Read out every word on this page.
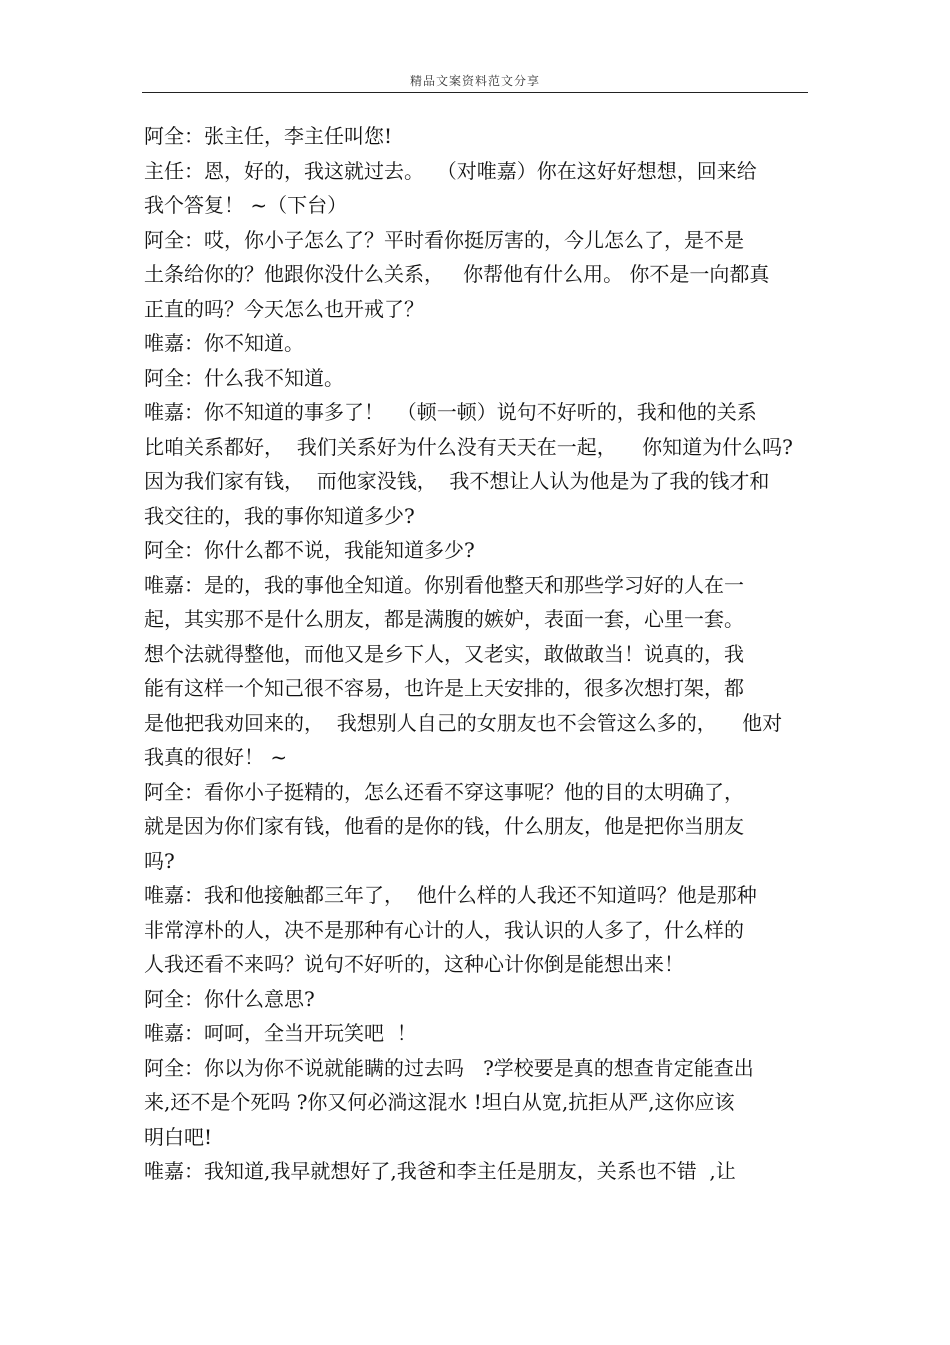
精品文案资料范文分享
阿全：张主任，李主任叫您!
主任：恩，好的，我这就过去。  （对唯嘉）你在这好好想想，回来给
我个答复！ ~（下台）
阿全：哎，你小子怎么了？平时看你挺厉害的，今儿怎么了，是不是
土条给你的？他跟你没什么关系，   你帮他有什么用。 你不是一向都真
正直的吗？今天怎么也开戒了？
唯嘉：你不知道。
阿全：什么我不知道。
唯嘉：你不知道的事多了！  （顿一顿）说句不好听的，我和他的关系
比咱关系都好，  我们关系好为什么没有天天在一起，    你知道为什么吗?
因为我们家有钱，  而他家没钱，  我不想让人认为他是为了我的钱才和
我交往的，我的事你知道多少?
阿全：你什么都不说，我能知道多少?
唯嘉：是的，我的事他全知道。你别看他整天和那些学习好的人在一
起，其实那不是什么朋友，都是满腹的嫉妒，表面一套，心里一套。
想个法就得整他，而他又是乡下人，又老实，敢做敢当！说真的，我
能有这样一个知己很不容易，也许是上天安排的，很多次想打架，都
是他把我劝回来的，  我想别人自己的女朋友也不会管这么多的，    他对
我真的很好！ ~
阿全：看你小子挺精的，怎么还看不穿这事呢？他的目的太明确了，
就是因为你们家有钱，他看的是你的钱，什么朋友，他是把你当朋友
吗?
唯嘉：我和他接触都三年了，  他什么样的人我还不知道吗？他是那种
非常淳朴的人，决不是那种有心计的人，我认识的人多了，什么样的
人我还看不来吗？说句不好听的，这种心计你倒是能想出来！
阿全：你什么意思?
唯嘉：呵呵，全当开玩笑吧  ！
阿全：你以为你不说就能瞒的过去吗   ?学校要是真的想查肯定能查出
来,还不是个死吗 ?你又何必淌这混水 !坦白从宽,抗拒从严,这你应该
明白吧!
唯嘉：我知道,我早就想好了,我爸和李主任是朋友，关系也不错  ,让
